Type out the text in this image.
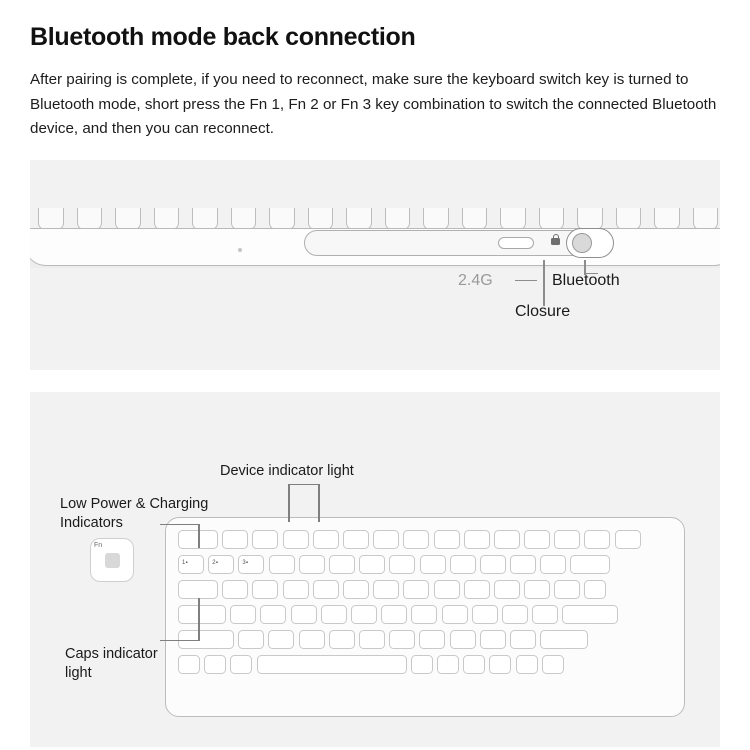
Bluetooth mode back connection

After pairing is complete, if you need to reconnect, make sure the keyboard switch key is turned to Bluetooth mode, short press the Fn 1, Fn 2 or Fn 3 key combination to switch the connected Bluetooth device, and then you can reconnect.

2.4G
Closure
Bluetooth
1▪	2▪	3▪
Fn
Device indicator light
Low Power & Charging
Indicators
Caps indicator
light
